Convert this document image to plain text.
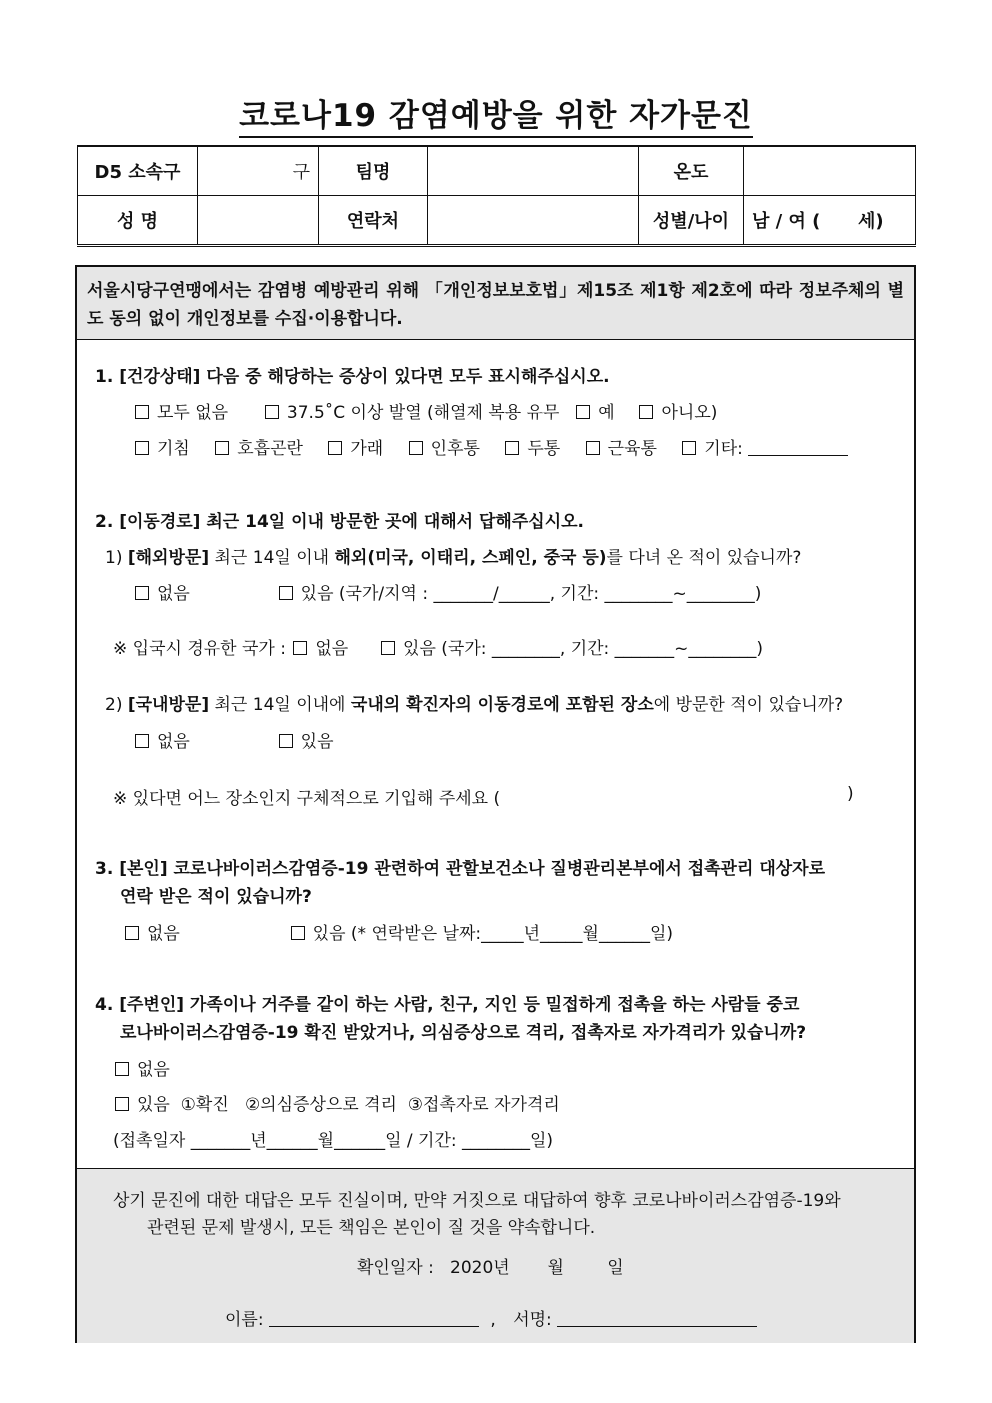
코로나19 감염예방을 위한 자가문진
D5 소속구	구	팀명		온도	
성 명		연락처		성별/나이	남 / 여 (      세)
서울시당구연맹에서는 감염병 예방관리 위해 「개인정보보호법」제15조 제1항 제2호에 따라 정보주체의 별도 동의 없이 개인정보를 수집·이용합니다.
1. [건강상태] 다음 중 해당하는 증상이 있다면 모두 표시해주십시오.
모두 없음	37.5˚C 이상 발열 (해열제 복용 유무 예	아니오)
기침	호흡곤란	가래	인후통	두통	근육통	기타:
2. [이동경로] 최근 14일 이내 방문한 곳에 대해서 답해주십시오.
1) [해외방문] 최근 14일 이내 해외(미국, 이태리, 스페인, 중국 등)를 다녀 온 적이 있습니까?
없음	있음 (국가/지역 : _______/______, 기간: ________~________)
※ 입국시 경유한 국가 : 없음	있음 (국가: ________, 기간: _______~________)
2) [국내방문] 최근 14일 이내에 국내의 확진자의 이동경로에 포함된 장소에 방문한 적이 있습니까?
없음	있음
※ 있다면 어느 장소인지 구체적으로 기입해 주세요 (	)
3. [본인] 코로나바이러스감염증-19 관련하여 관할보건소나 질병관리본부에서 접촉관리 대상자로
연락 받은 적이 있습니까?
없음	있음 (* 연락받은 날짜:_____년_____월______일)
4. [주변인] 가족이나 거주를 같이 하는 사람, 친구, 지인 등 밀접하게 접촉을 하는 사람들 중코
로나바이러스감염증-19 확진 받았거나, 의심증상으로 격리, 접촉자로 자가격리가 있습니까?
없음
있음  ①확진   ②의심증상으로 격리  ③접촉자로 자가격리
(접촉일자 _______년______월______일 / 기간: ________일)
상기 문진에 대한 대답은 모두 진실이며, 만약 거짓으로 대답하여 향후 코로나바이러스감염증-19와
관련된 문제 발생시, 모든 책임은 본인이 질 것을 약속합니다.
확인일자 :   2020년       월        일
이름:	, 서명:
